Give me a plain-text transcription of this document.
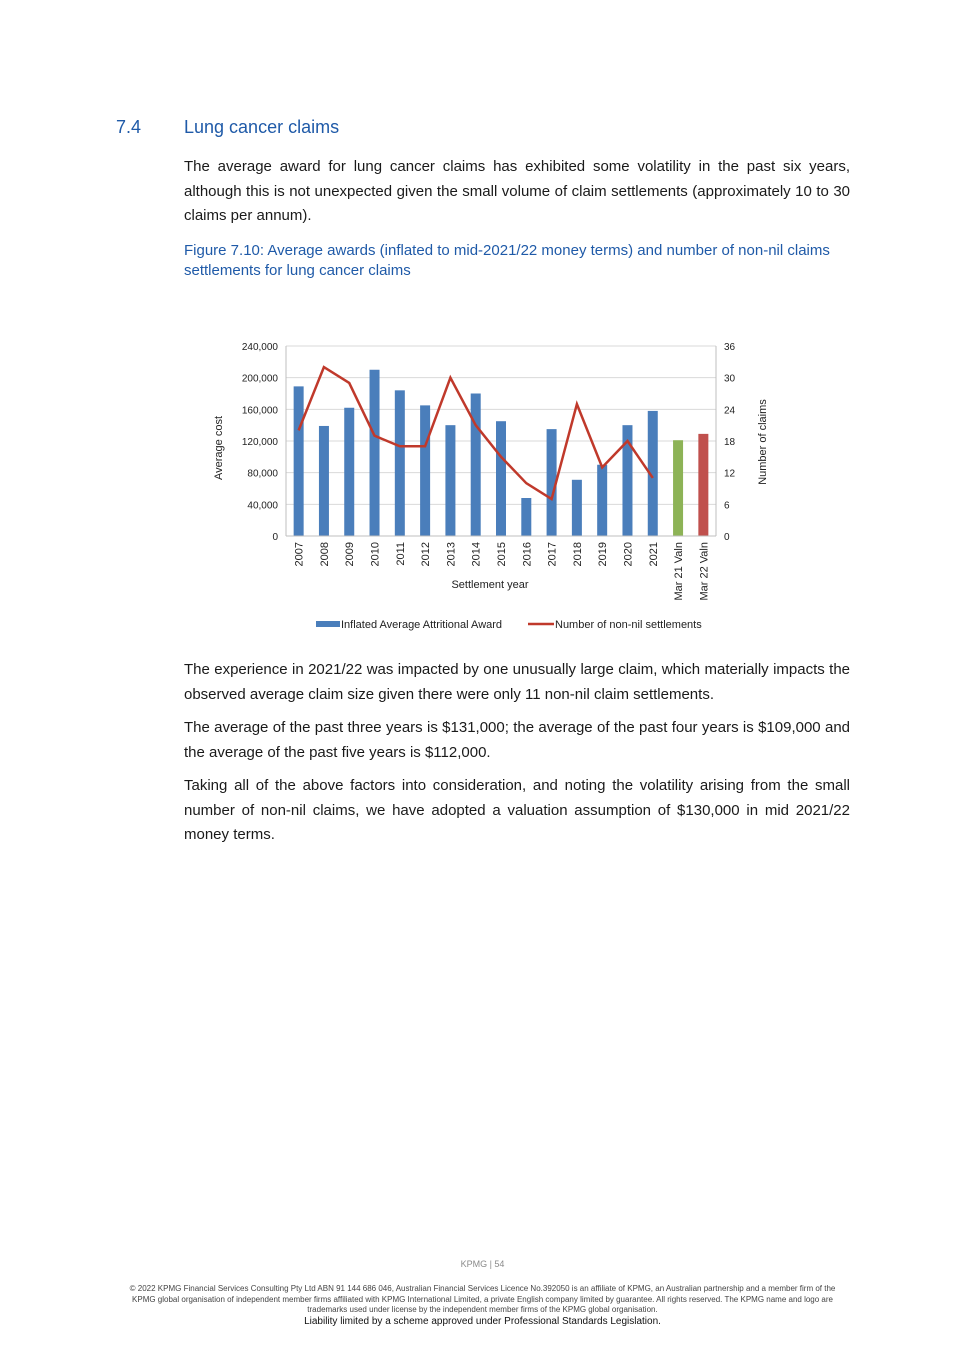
7.4 Lung cancer claims
The average award for lung cancer claims has exhibited some volatility in the past six years, although this is not unexpected given the small volume of claim settlements (approximately 10 to 30 claims per annum).
Figure 7.10: Average awards (inflated to mid-2021/22 money terms) and number of non-nil claims settlements for lung cancer claims
0
40,000
80,000
120,000
160,000
200,000
240,000
0
6
12
18
24
30
36
2007 2008 2009 2010 2011 2012 2013 2014 2015 2016 2017 2018 2019 2020 2021 Mar 21 Valn Mar 22 Valn
Settlement year
Average cost	Number of claims
Inflated Average Attritional Award	Number of non-nil settlements
The experience in 2021/22 was impacted by one unusually large claim, which materially impacts the observed average claim size given there were only 11 non-nil claim settlements.
The average of the past three years is $131,000; the average of the past four years is $109,000 and the average of the past five years is $112,000.
Taking all of the above factors into consideration, and noting the volatility arising from the small number of non-nil claims, we have adopted a valuation assumption of $130,000 in mid 2021/22 money terms.
KPMG | 54
© 2022 KPMG Financial Services Consulting Pty Ltd ABN 91 144 686 046, Australian Financial Services Licence No.392050 is an affiliate of KPMG, an Australian partnership and a member firm of the KPMG global organisation of independent member firms affiliated with KPMG International Limited, a private English company limited by guarantee. All rights reserved. The KPMG name and logo are trademarks used under license by the independent member firms of the KPMG global organisation.
Liability limited by a scheme approved under Professional Standards Legislation.
